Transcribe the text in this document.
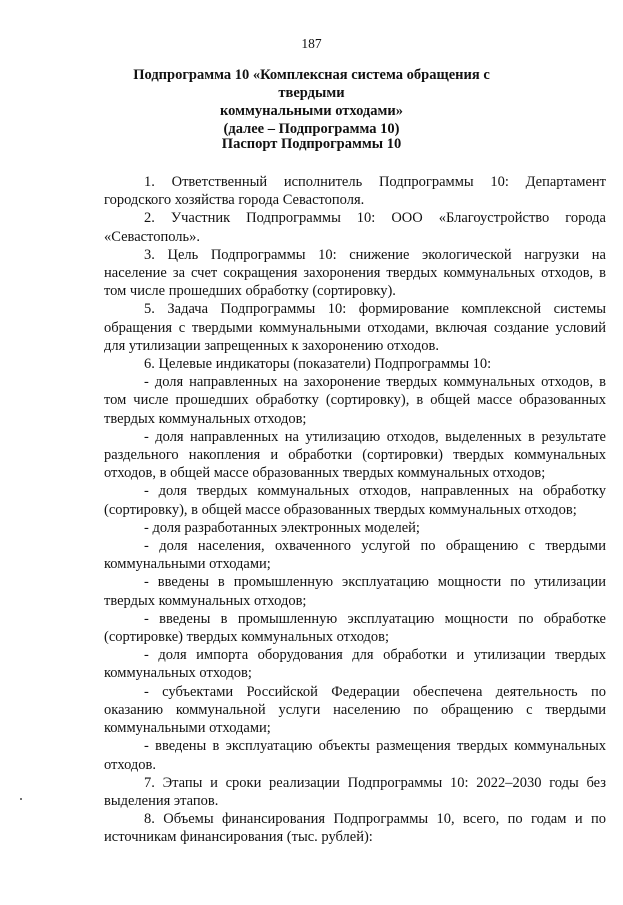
187
Подпрограмма 10 «Комплексная система обращения с твердыми
коммунальными отходами»
(далее – Подпрограмма 10)
Паспорт Подпрограммы 10

1. Ответственный исполнитель Подпрограммы 10: Департамент городского хозяйства города Севастополя.

2. Участник Подпрограммы 10: ООО «Благоустройство города «Севастополь».

3. Цель Подпрограммы 10: снижение экологической нагрузки на население за счет сокращения захоронения твердых коммунальных отходов, в том числе прошедших обработку (сортировку).

5. Задача Подпрограммы 10: формирование комплексной системы обращения с твердыми коммунальными отходами, включая создание условий для утилизации запрещенных к захоронению отходов.

6. Целевые индикаторы (показатели) Подпрограммы 10:

- доля направленных на захоронение твердых коммунальных отходов, в том числе прошедших обработку (сортировку), в общей массе образованных твердых коммунальных отходов;

- доля направленных на утилизацию отходов, выделенных в результате раздельного накопления и обработки (сортировки) твердых коммунальных отходов, в общей массе образованных твердых коммунальных отходов;

- доля твердых коммунальных отходов, направленных на обработку (сортировку), в общей массе образованных твердых коммунальных отходов;

- доля разработанных электронных моделей;

- доля населения, охваченного услугой по обращению с твердыми коммунальными отходами;

- введены в промышленную эксплуатацию мощности по утилизации твердых коммунальных отходов;

- введены в промышленную эксплуатацию мощности по обработке (сортировке) твердых коммунальных отходов;

- доля импорта оборудования для обработки и утилизации твердых коммунальных отходов;

- субъектами Российской Федерации обеспечена деятельность по оказанию коммунальной услуги населению по обращению с твердыми коммунальными отходами;

- введены в эксплуатацию объекты размещения твердых коммунальных отходов.

7. Этапы и сроки реализации Подпрограммы 10: 2022–2030 годы без выделения этапов.

8. Объемы финансирования Подпрограммы 10, всего, по годам и по источникам финансирования (тыс. рублей):
